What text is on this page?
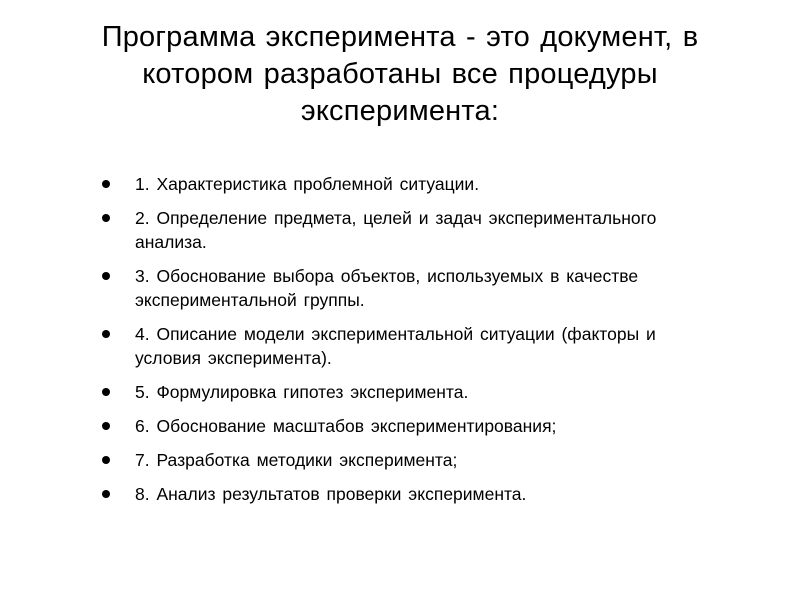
Программа эксперимента - это документ, в котором разработаны все процедуры эксперимента:
1. Характеристика проблемной ситуации.
2. Определение предмета, целей и задач экспериментального анализа.
3. Обоснование выбора объектов, используемых в качестве экспериментальной группы.
4. Описание модели экспериментальной ситуации (факторы и условия эксперимента).
5. Формулировка гипотез эксперимента.
6. Обоснование масштабов экспериментирования;
7. Разработка методики эксперимента;
8. Анализ результатов проверки эксперимента.
